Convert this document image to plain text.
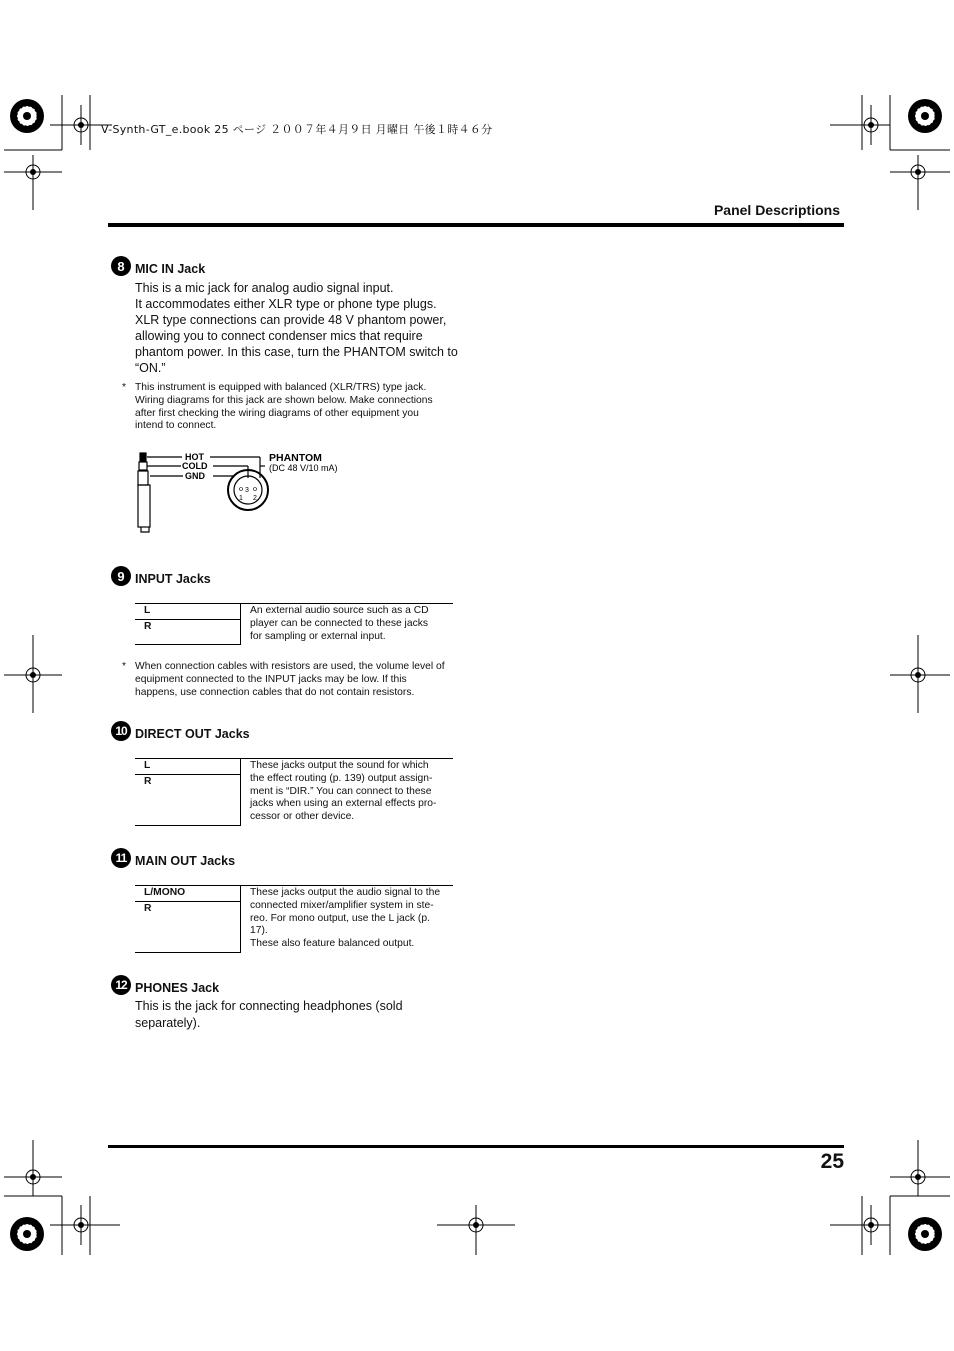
V-Synth-GT_e.book 25 ページ ２００７年４月９日 月曜日 午後１時４６分
Panel Descriptions
8 MIC IN Jack
This is a mic jack for analog audio signal input.
It accommodates either XLR type or phone type plugs.
XLR type connections can provide 48 V phantom power,
allowing you to connect condenser mics that require
phantom power. In this case, turn the PHANTOM switch to
“ON.”
* This instrument is equipped with balanced (XLR/TRS) type jack.
Wiring diagrams for this jack are shown below. Make connections
after first checking the wiring diagrams of other equipment you
intend to connect.
HOT
COLD
GND
PHANTOM
(DC 48 V/10 mA)
3
1 2
9 INPUT Jacks
L	An external audio source such as a CD
player can be connected to these jacks
for sampling or external input.

R
* When connection cables with resistors are used, the volume level of
equipment connected to the INPUT jacks may be low. If this
happens, use connection cables that do not contain resistors.
10 DIRECT OUT Jacks
L	These jacks output the sound for which
the effect routing (p. 139) output assign-
ment is “DIR.” You can connect to these
jacks when using an external effects pro-
cessor or other device.

R
11 MAIN OUT Jacks
L/MONO	These jacks output the audio signal to the
connected mixer/amplifier system in ste-
reo. For mono output, use the L jack (p.
17).
These also feature balanced output.

R
12 PHONES Jack
This is the jack for connecting headphones (sold
separately).
25
